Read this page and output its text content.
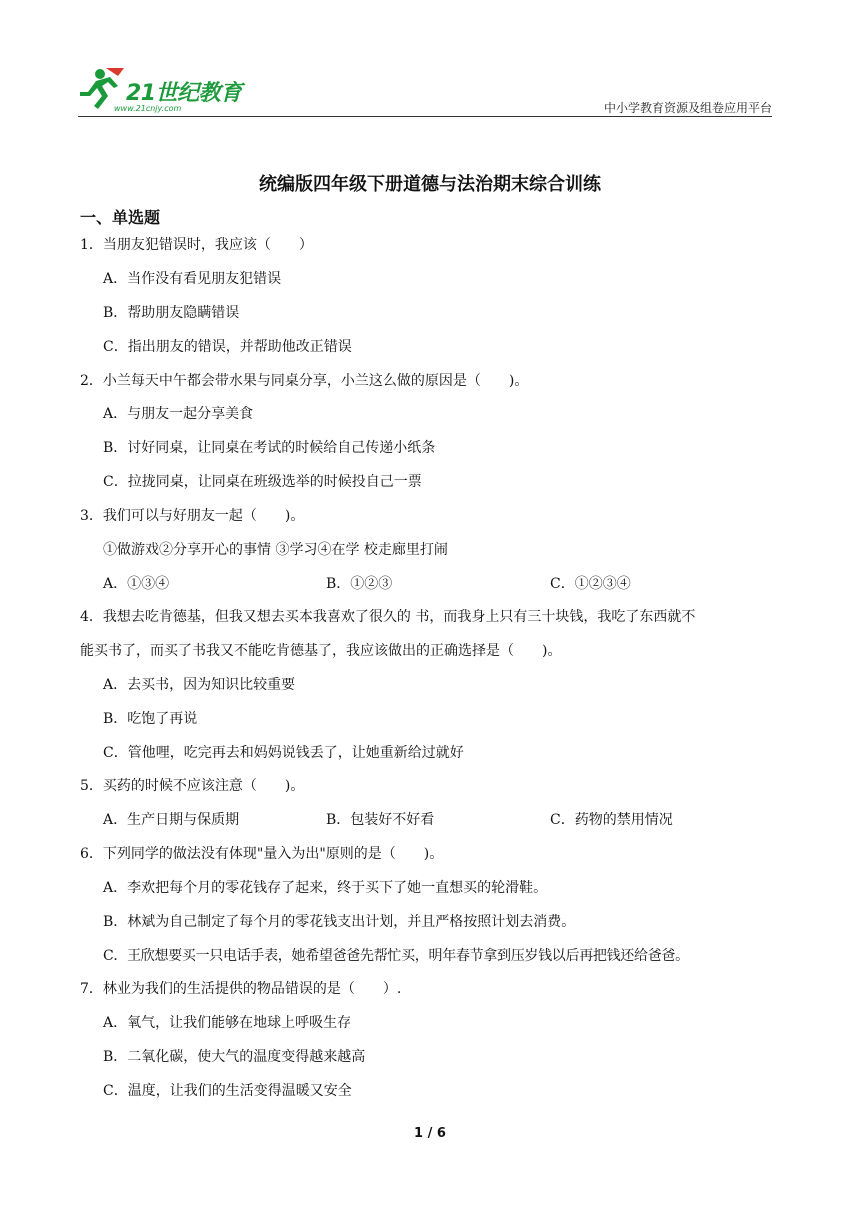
21世纪教育
www.21cnjy.com	中小学教育资源及组卷应用平台
统编版四年级下册道德与法治期末综合训练
一、单选题
1．当朋友犯错误时，我应该（　　）
A．当作没有看见朋友犯错误
B．帮助朋友隐瞒错误
C．指出朋友的错误，并帮助他改正错误
2．小兰每天中午都会带水果与同桌分享，小兰这么做的原因是（　　)。
A．与朋友一起分享美食
B．讨好同桌，让同桌在考试的时候给自己传递小纸条
C．拉拢同桌，让同桌在班级选举的时候投自己一票
3．我们可以与好朋友一起（　　)。
①做游戏②分享开心的事情 ③学习④在学 校走廊里打闹
A．①③④	B．①②③	C．①②③④
4．我想去吃肯德基，但我又想去买本我喜欢了很久的 书，而我身上只有三十块钱，我吃了东西就不
能买书了，而买了书我又不能吃肯德基了，我应该做出的正确选择是（　　)。
A．去买书，因为知识比较重要
B．吃饱了再说
C．管他哩，吃完再去和妈妈说钱丢了，让她重新给过就好
5．买药的时候不应该注意（　　)。
A．生产日期与保质期	B．包装好不好看	C．药物的禁用情况
6．下列同学的做法没有体现"量入为出"原则的是（　　)。
A．李欢把每个月的零花钱存了起来，终于买下了她一直想买的轮滑鞋。
B．林斌为自己制定了每个月的零花钱支出计划，并且严格按照计划去消费。
C．王欣想要买一只电话手表，她希望爸爸先帮忙买，明年春节拿到压岁钱以后再把钱还给爸爸。
7．林业为我们的生活提供的物品错误的是（　　）.
A．氧气，让我们能够在地球上呼吸生存
B．二氧化碳，使大气的温度变得越来越高
C．温度，让我们的生活变得温暖又安全
1 / 6
